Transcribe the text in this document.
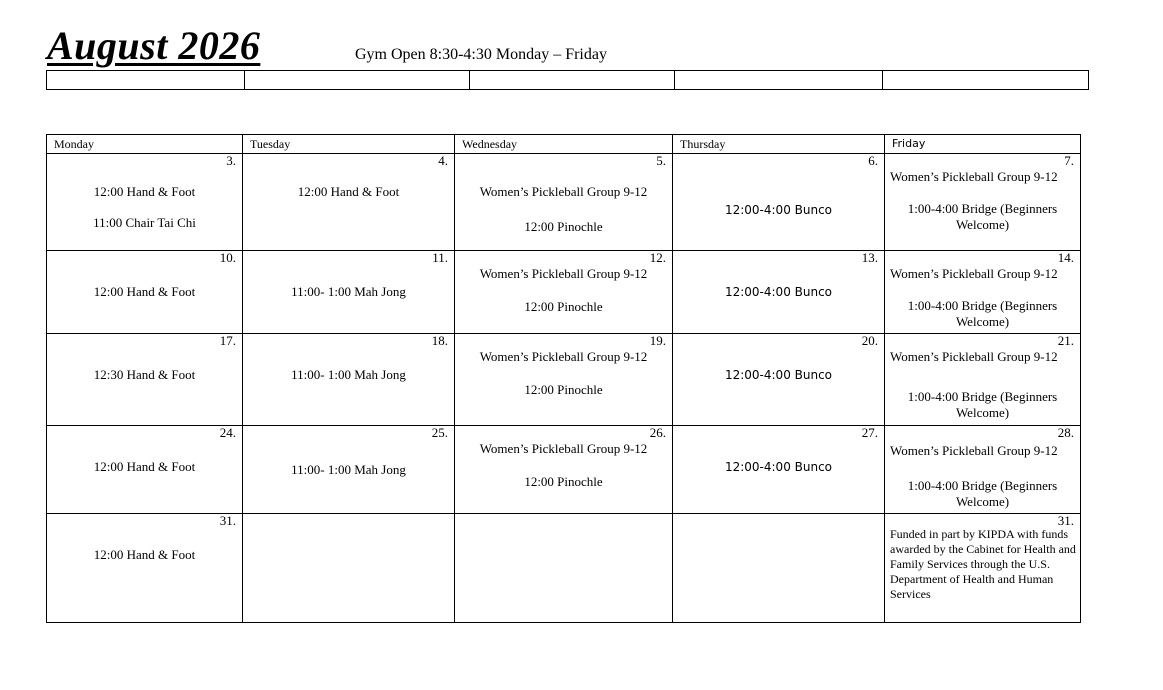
August 2026	Gym Open 8:30-4:30 Monday – Friday
Monday	Tuesday	Wednesday	Thursday	Friday

3.
12:00 Hand & Foot
11:00 Chair Tai Chi	4.
12:00 Hand & Foot	5.
Women’s Pickleball Group 9-12
12:00 Pinochle	6.
12:00-4:00 Bunco	7.
Women’s Pickleball Group 9-12
1:00-4:00 Bridge (Beginners Welcome)

10.
12:00 Hand & Foot	11.
11:00- 1:00 Mah Jong	12.
Women’s Pickleball Group 9-12
12:00 Pinochle	13.
12:00-4:00 Bunco	14.
Women’s Pickleball Group 9-12
1:00-4:00 Bridge (Beginners Welcome)

17.
12:30 Hand & Foot	18.
11:00- 1:00 Mah Jong	19.
Women’s Pickleball Group 9-12
12:00 Pinochle	20.
12:00-4:00 Bunco	21.
Women’s Pickleball Group 9-12
1:00-4:00 Bridge (Beginners Welcome)

24.
12:00 Hand & Foot	25.
11:00- 1:00 Mah Jong	26.
Women’s Pickleball Group 9-12
12:00 Pinochle	27.
12:00-4:00 Bunco	28.
Women’s Pickleball Group 9-12
1:00-4:00 Bridge (Beginners Welcome)

31.
12:00 Hand & Foot				31.
Funded in part by KIPDA with funds awarded by the Cabinet for Health and Family Services through the U.S. Department of Health and Human Services
